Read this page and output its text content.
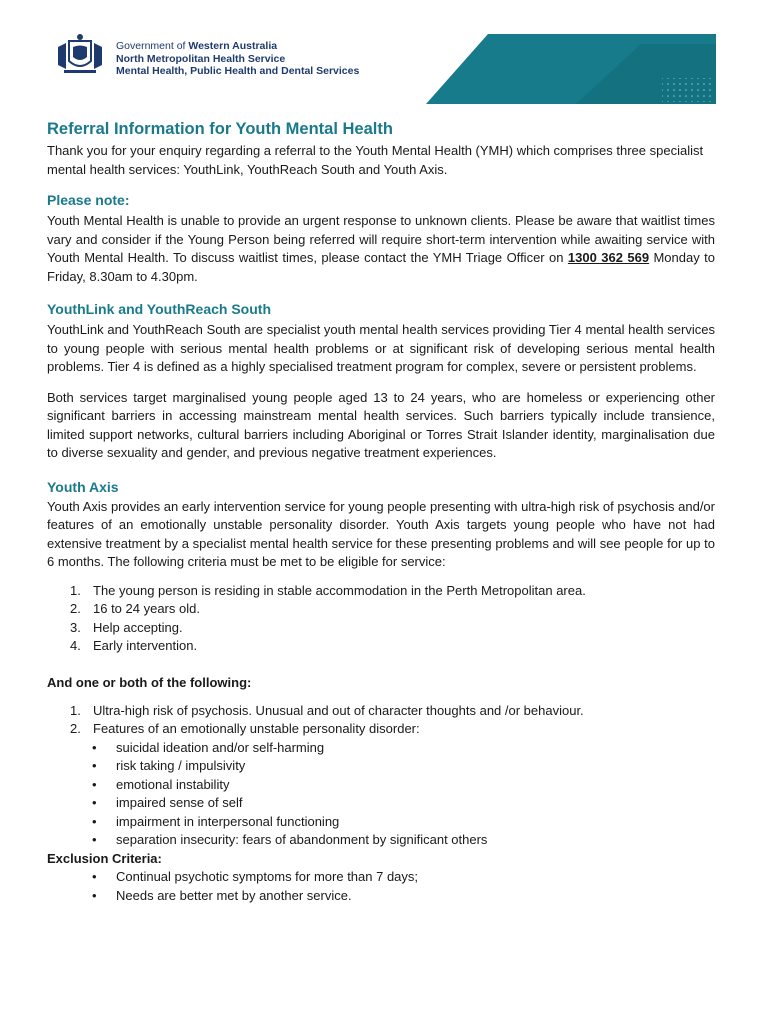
Government of Western Australia
North Metropolitan Health Service
Mental Health, Public Health and Dental Services
Referral Information for Youth Mental Health

Thank you for your enquiry regarding a referral to the Youth Mental Health (YMH) which comprises three specialist mental health services: YouthLink, YouthReach South and Youth Axis.

Please note:

Youth Mental Health is unable to provide an urgent response to unknown clients. Please be aware that waitlist times vary and consider if the Young Person being referred will require short-term intervention while awaiting service with Youth Mental Health. To discuss waitlist times, please contact the YMH Triage Officer on 1300 362 569 Monday to Friday, 8.30am to 4.30pm.

YouthLink and YouthReach South

YouthLink and YouthReach South are specialist youth mental health services providing Tier 4 mental health services to young people with serious mental health problems or at significant risk of developing serious mental health problems. Tier 4 is defined as a highly specialised treatment program for complex, severe or persistent problems.

Both services target marginalised young people aged 13 to 24 years, who are homeless or experiencing other significant barriers in accessing mainstream mental health services. Such barriers typically include transience, limited support networks, cultural barriers including Aboriginal or Torres Strait Islander identity, marginalisation due to diverse sexuality and gender, and previous negative treatment experiences.

Youth Axis

Youth Axis provides an early intervention service for young people presenting with ultra-high risk of psychosis and/or features of an emotionally unstable personality disorder. Youth Axis targets young people who have not had extensive treatment by a specialist mental health service for these presenting problems and will see people for up to 6 months. The following criteria must be met to be eligible for service:

1. The young person is residing in stable accommodation in the Perth Metropolitan area.
2. 16 to 24 years old.
3. Help accepting.
4. Early intervention.
And one or both of the following:
1. Ultra-high risk of psychosis. Unusual and out of character thoughts and /or behaviour.
2. Features of an emotionally unstable personality disorder:
• suicidal ideation and/or self-harming
• risk taking / impulsivity
• emotional instability
• impaired sense of self
• impairment in interpersonal functioning
• separation insecurity: fears of abandonment by significant others
Exclusion Criteria:
• Continual psychotic symptoms for more than 7 days;
• Needs are better met by another service.
